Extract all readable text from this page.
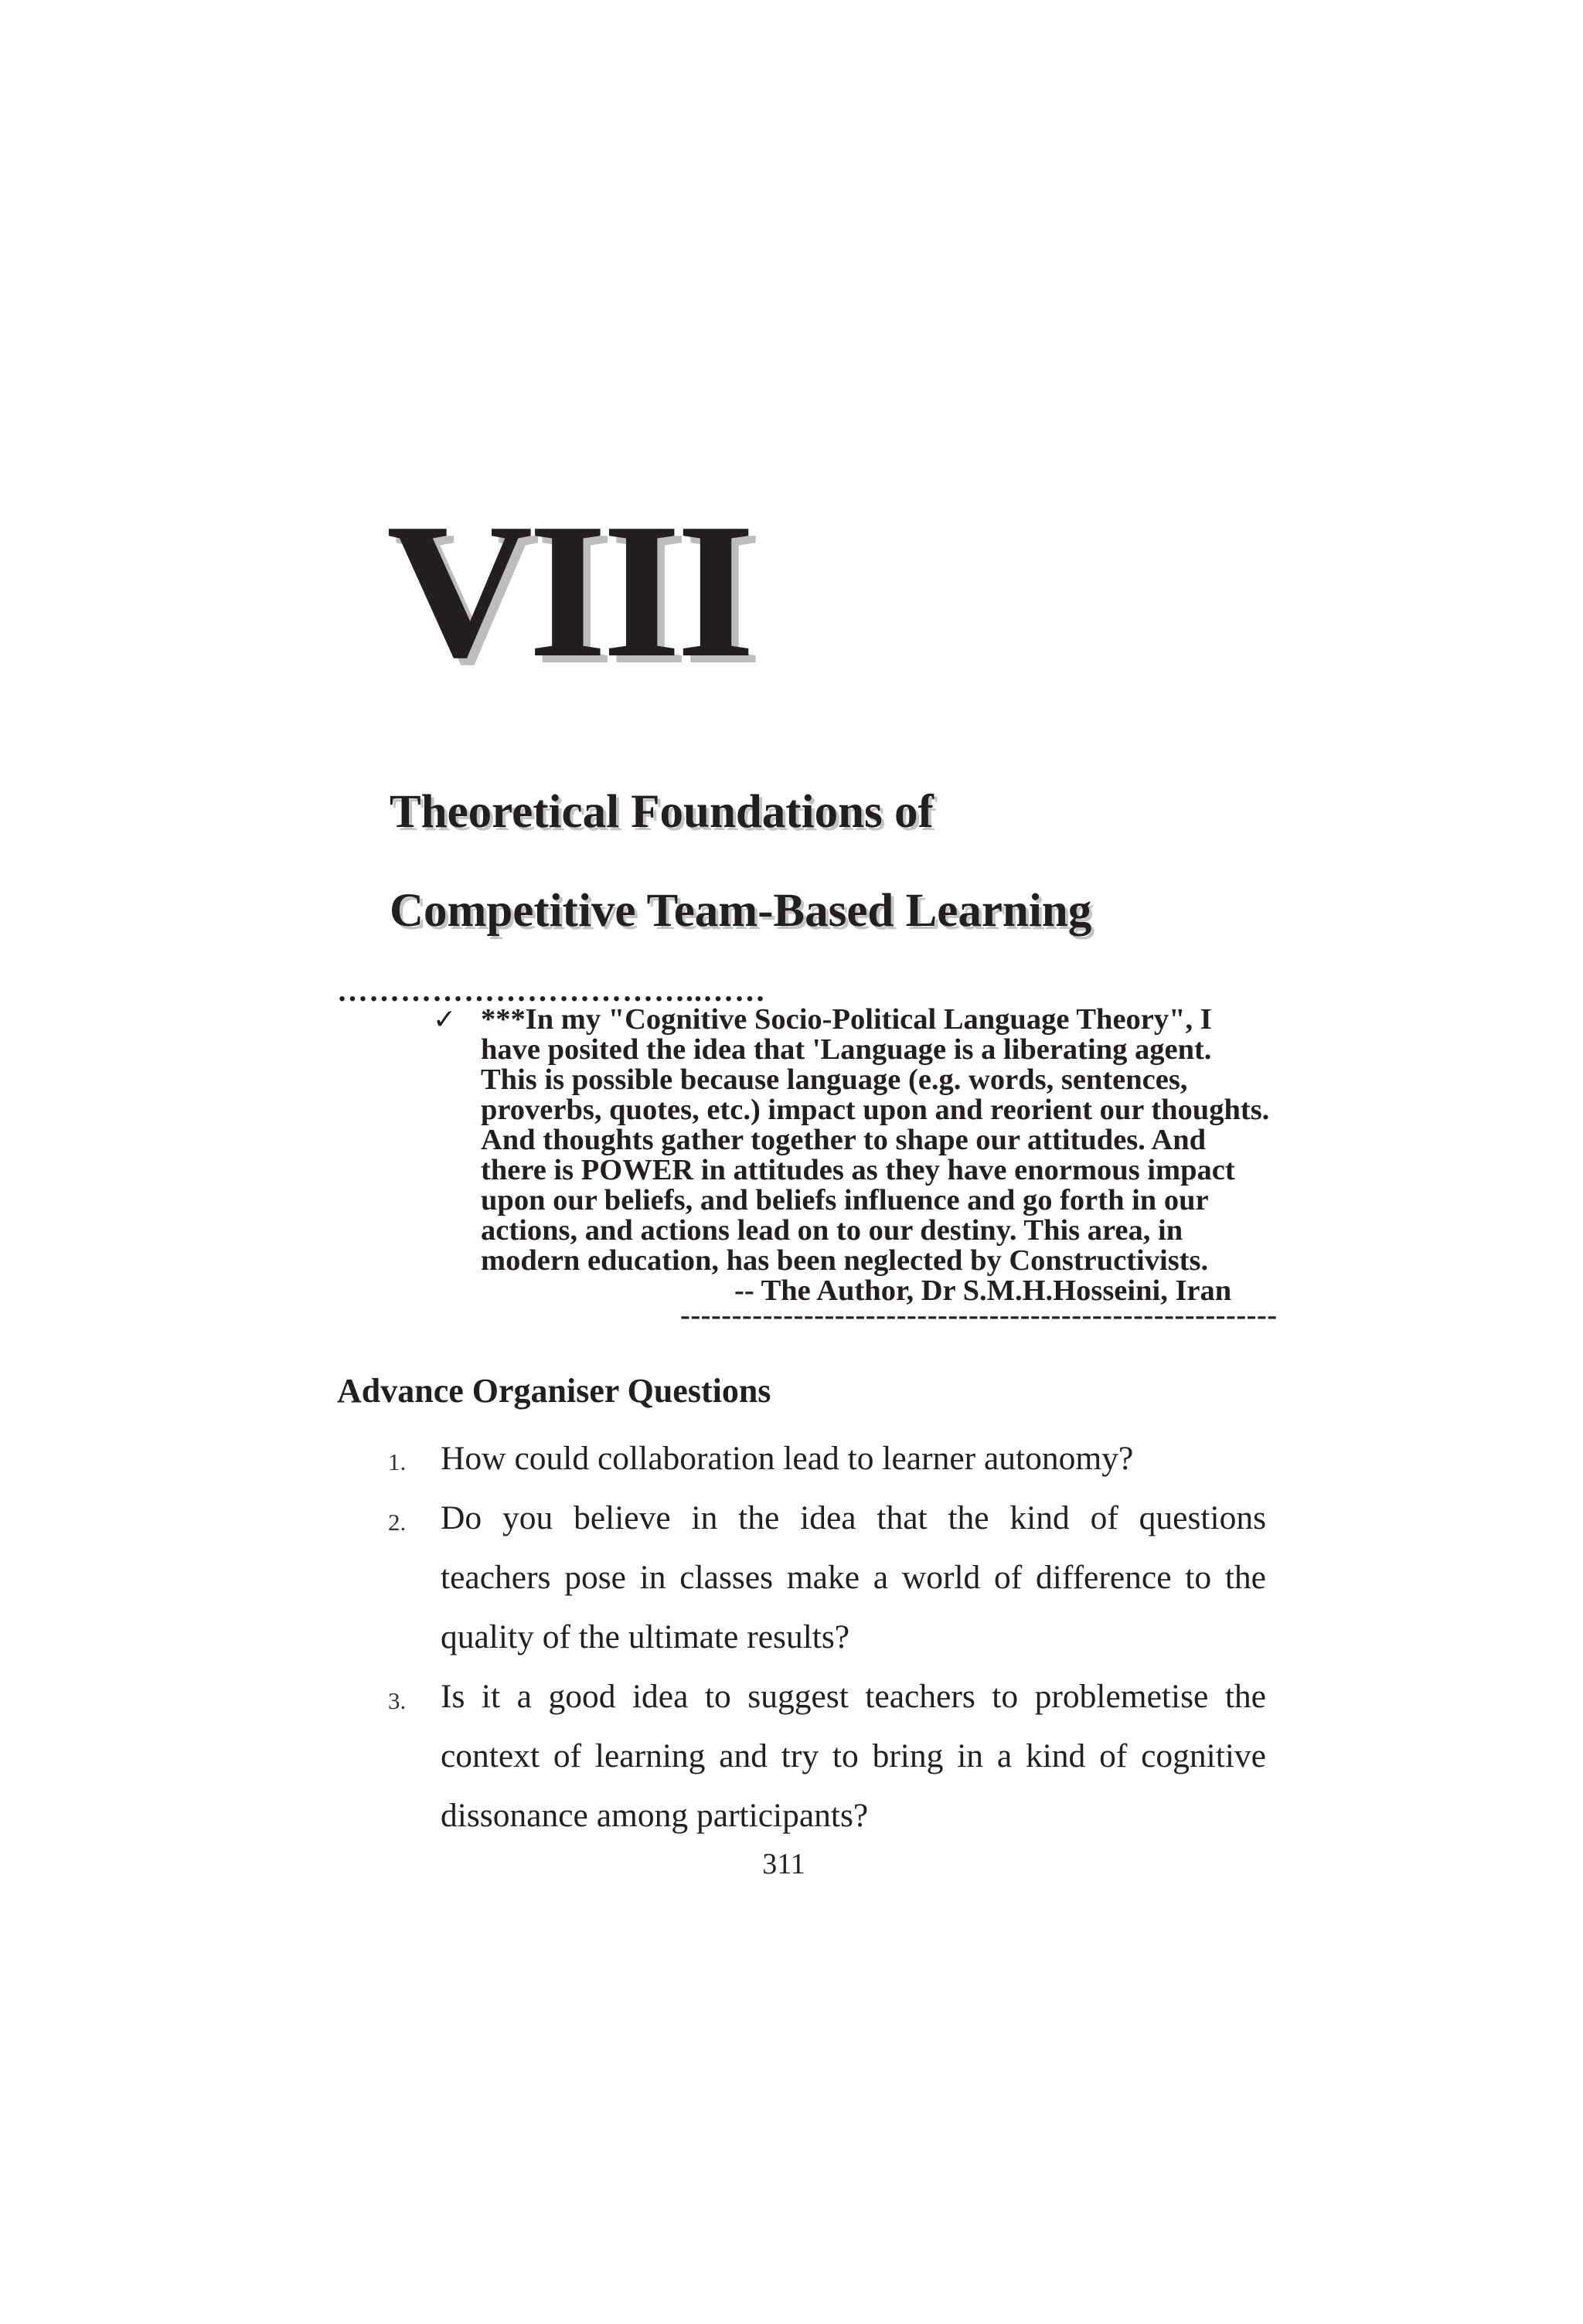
VIII
Theoretical Foundations of
Competitive Team-Based Learning
……………………………..……
✓ ***In my "Cognitive Socio-Political Language Theory", I
have posited the idea that 'Language is a liberating agent.
This is possible because language (e.g. words, sentences,
proverbs, quotes, etc.) impact upon and reorient our thoughts.
And thoughts gather together to shape our attitudes. And
there is POWER in attitudes as they have enormous impact
upon our beliefs, and beliefs influence and go forth in our
actions, and actions lead on to our destiny. This area, in
modern education, has been neglected by Constructivists.
-- The Author, Dr S.M.H.Hosseini, Iran
----------------------------------------------------------
Advance Organiser Questions
1. How could collaboration lead to learner autonomy?
2. Do you believe in the idea that the kind of questions
teachers pose in classes make a world of difference to the
quality of the ultimate results?
3. Is it a good idea to suggest teachers to problemetise the
context of learning and try to bring in a kind of cognitive
dissonance among participants?
311
